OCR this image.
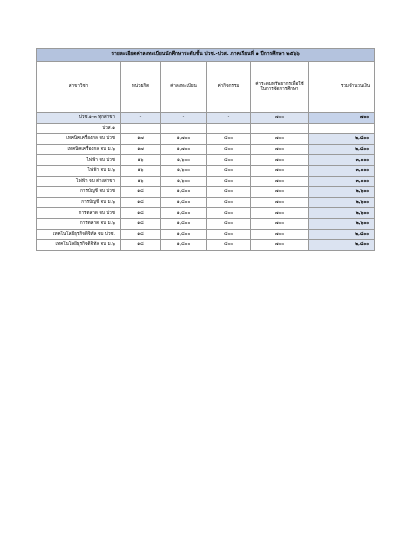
รายละเอียดค่าลงทะเบียนนักศึกษาระดับชั้น ปวช.-ปวส. ภาคเรียนที่ ๑ ปีการศึกษา ๒๕๖๖					
สาขาวิชา	หน่วยกิต	ค่าลงทะเบียน	ค่ากิจกรรม	ค่าระดมทรัพยากรเพื่อใช้ในการจัดการศึกษา	รวมจำนวนเงิน
ปวช.๑-๓ ทุกสาขา	-	-	-	๗๐๐	๗๐๐
ปวส.๑					
เทคนิคเครื่องกล จบ ปวช	๑๗	๑,๗๐๐	๔๐๐	๗๐๐	๒,๘๐๐
เทคนิคเครื่องกล จบ ม.๖	๑๗	๑,๗๐๐	๔๐๐	๗๐๐	๒,๘๐๐
ไฟฟ้า จบ ปวช	๑๖	๑,๖๐๐	๔๐๐	๗๐๐	๓,๐๐๐
ไฟฟ้า จบ ม.๖	๑๖	๑,๖๐๐	๔๐๐	๗๐๐	๓,๐๐๐
ไฟฟ้า จบ ต่างสาขา	๑๖	๑,๖๐๐	๔๐๐	๗๐๐	๓,๐๐๐
การบัญชี จบ ปวช	๑๘	๑,๘๐๐	๔๐๐	๗๐๐	๒,๖๐๐
การบัญชี จบ ม.๖	๑๘	๑,๘๐๐	๔๐๐	๗๐๐	๒,๖๐๐
การตลาด จบ ปวช	๑๘	๑,๘๐๐	๔๐๐	๗๐๐	๒,๖๐๐
การตลาด จบ ม.๖	๑๘	๑,๘๐๐	๔๐๐	๗๐๐	๒,๖๐๐
เทคโนโลยีธุรกิจดิจิทัล จบ ปวช.	๑๘	๑,๘๐๐	๔๐๐	๗๐๐	๒,๘๐๐
เทคโนโลยีธุรกิจดิจิทัล จบ ม.๖	๑๘	๑,๘๐๐	๔๐๐	๗๐๐	๒,๘๐๐
